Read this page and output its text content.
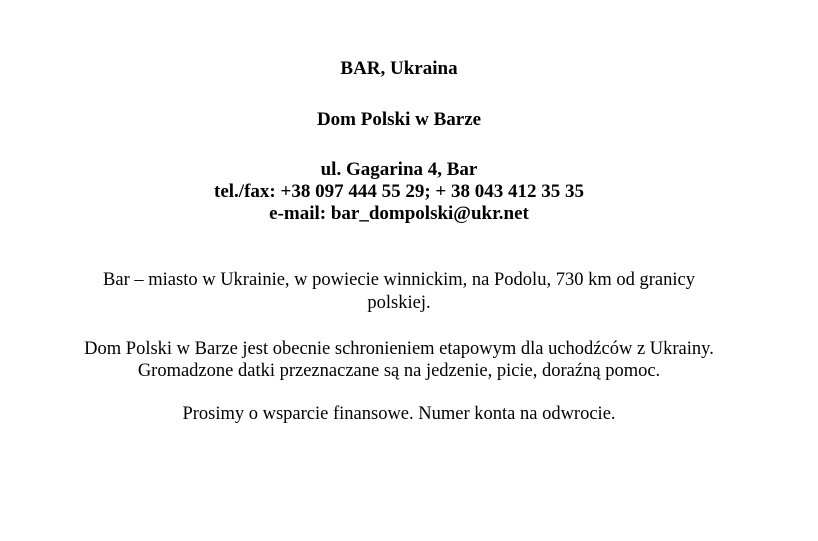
BAR, Ukraina
Dom Polski w Barze
ul. Gagarina 4, Bar
tel./fax: +38 097 444 55 29; + 38 043 412 35 35
e-mail: bar_dompolski@ukr.net
Bar – miasto w Ukrainie, w powiecie winnickim, na Podolu, 730 km od granicy
polskiej.
Dom Polski w Barze jest obecnie schronieniem etapowym dla uchodźców z Ukrainy.
Gromadzone datki przeznaczane są na jedzenie, picie, doraźną pomoc.
Prosimy o wsparcie finansowe. Numer konta na odwrocie.
